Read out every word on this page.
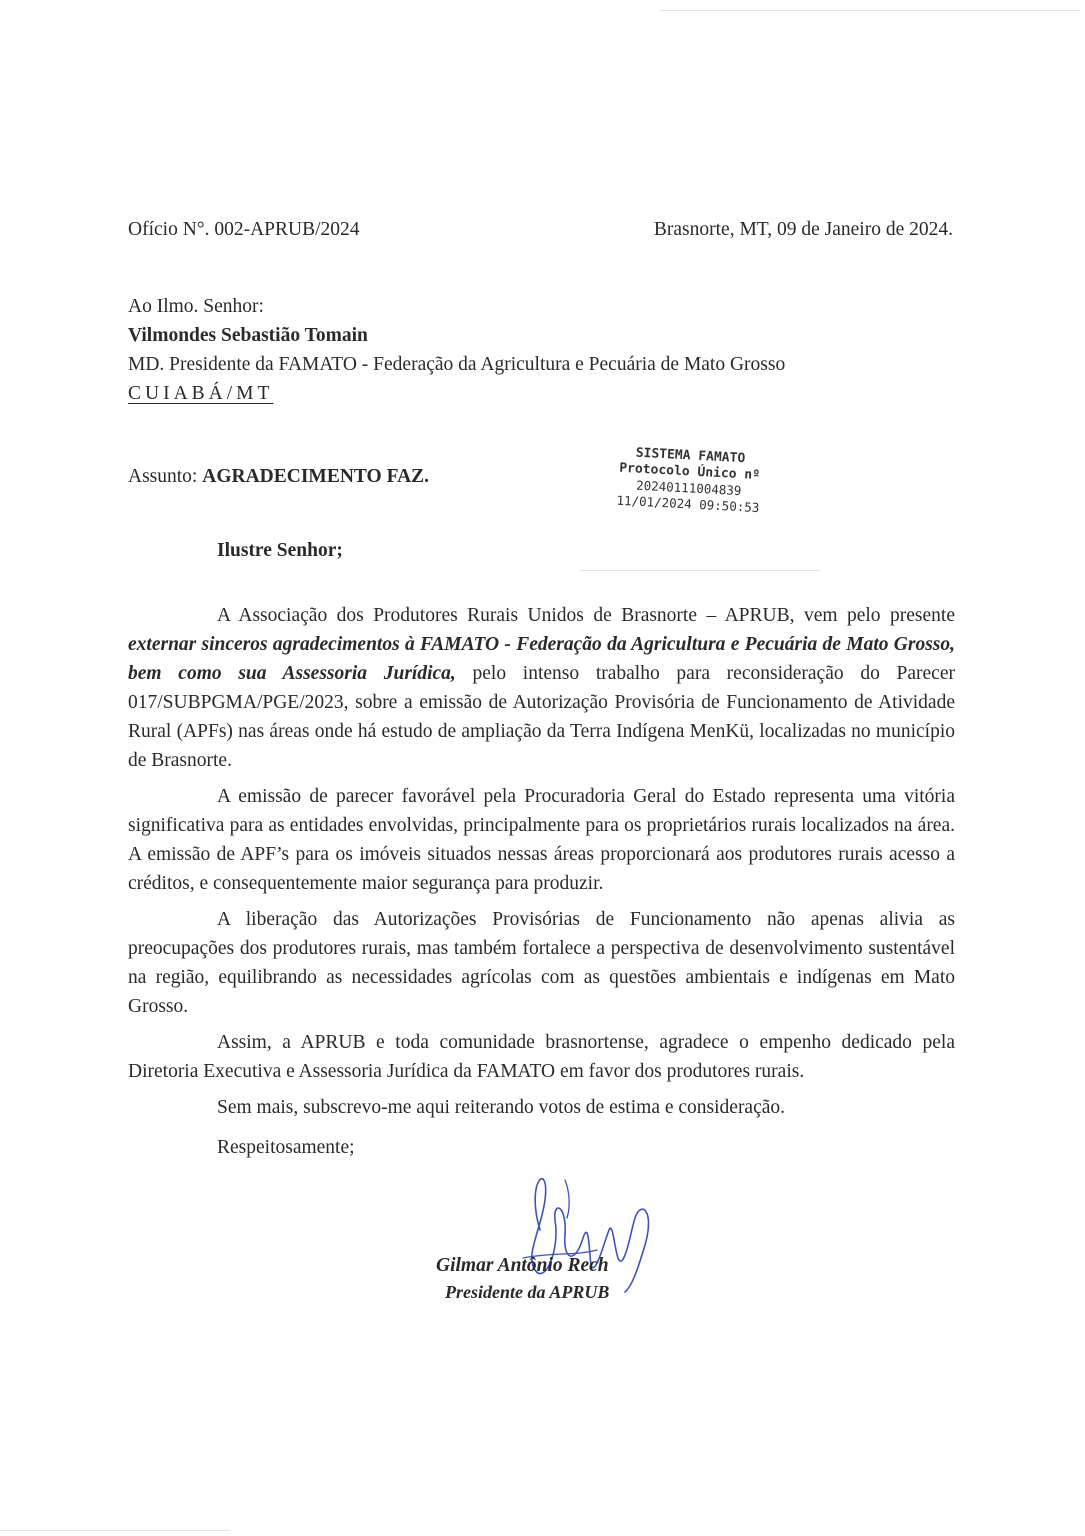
Ofício N°. 002-APRUB/2024	Brasnorte, MT, 09 de Janeiro de 2024.
Ao Ilmo. Senhor:
Vilmondes Sebastião Tomain
MD. Presidente da FAMATO - Federação da Agricultura e Pecuária de Mato Grosso
CUIABÁ/MT
Assunto: AGRADECIMENTO FAZ.
SISTEMA FAMATO
Protocolo Único nº
20240111004839
11/01/2024 09:50:53
Ilustre Senhor;

A Associação dos Produtores Rurais Unidos de Brasnorte – APRUB, vem pelo presente externar sinceros agradecimentos à FAMATO - Federação da Agricultura e Pecuária de Mato Grosso, bem como sua Assessoria Jurídica, pelo intenso trabalho para reconsideração do Parecer 017/SUBPGMA/PGE/2023, sobre a emissão de Autorização Provisória de Funcionamento de Atividade Rural (APFs) nas áreas onde há estudo de ampliação da Terra Indígena MenKü, localizadas no município de Brasnorte.

A emissão de parecer favorável pela Procuradoria Geral do Estado representa uma vitória significativa para as entidades envolvidas, principalmente para os proprietários rurais localizados na área. A emissão de APF’s para os imóveis situados nessas áreas proporcionará aos produtores rurais acesso a créditos, e consequentemente maior segurança para produzir.

A liberação das Autorizações Provisórias de Funcionamento não apenas alivia as preocupações dos produtores rurais, mas também fortalece a perspectiva de desenvolvimento sustentável na região, equilibrando as necessidades agrícolas com as questões ambientais e indígenas em Mato Grosso.

Assim, a APRUB e toda comunidade brasnortense, agradece o empenho dedicado pela Diretoria Executiva e Assessoria Jurídica da FAMATO em favor dos produtores rurais.

Sem mais, subscrevo-me aqui reiterando votos de estima e consideração.

Respeitosamente;

Gilmar Antônio Rech
Presidente da APRUB
